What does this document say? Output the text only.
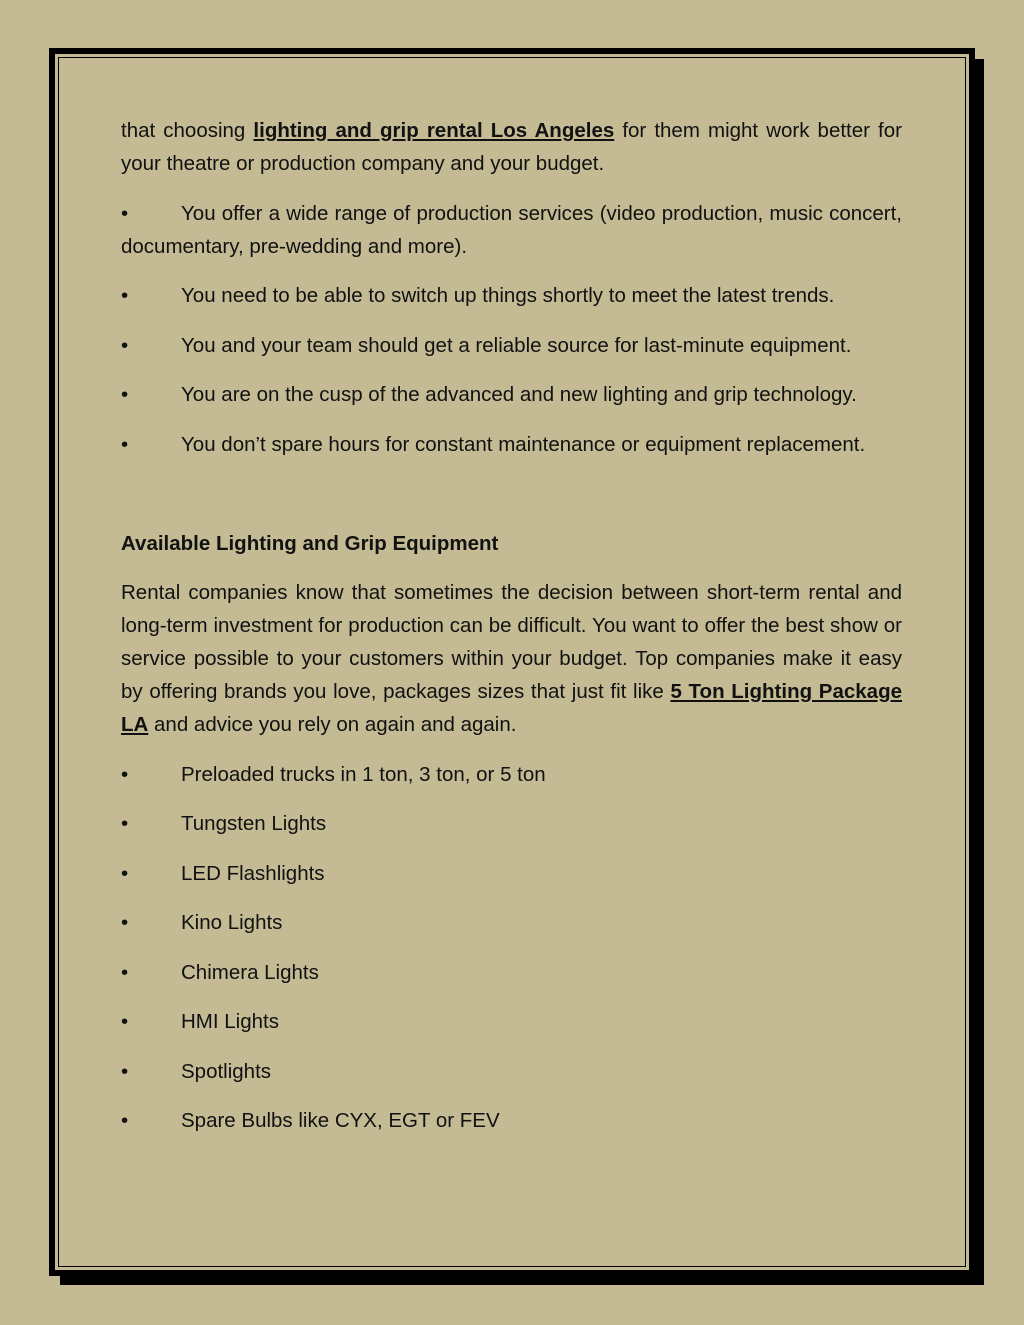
that choosing lighting and grip rental Los Angeles for them might work better for your theatre or production company and your budget.

•	You offer a wide range of production services (video production, music concert, documentary, pre-wedding and more).

•	You need to be able to switch up things shortly to meet the latest trends.

•	You and your team should get a reliable source for last-minute equipment.

•	You are on the cusp of the advanced and new lighting and grip technology.

•	You don’t spare hours for constant maintenance or equipment replacement.

Available Lighting and Grip Equipment

Rental companies know that sometimes the decision between short-term rental and long-term investment for production can be difficult. You want to offer the best show or service possible to your customers within your budget. Top companies make it easy by offering brands you love, packages sizes that just fit like 5 Ton Lighting Package LA and advice you rely on again and again.

•	Preloaded trucks in 1 ton, 3 ton, or 5 ton

•	Tungsten Lights

•	LED Flashlights

•	Kino Lights

•	Chimera Lights

•	HMI Lights

•	Spotlights

•	Spare Bulbs like CYX, EGT or FEV
